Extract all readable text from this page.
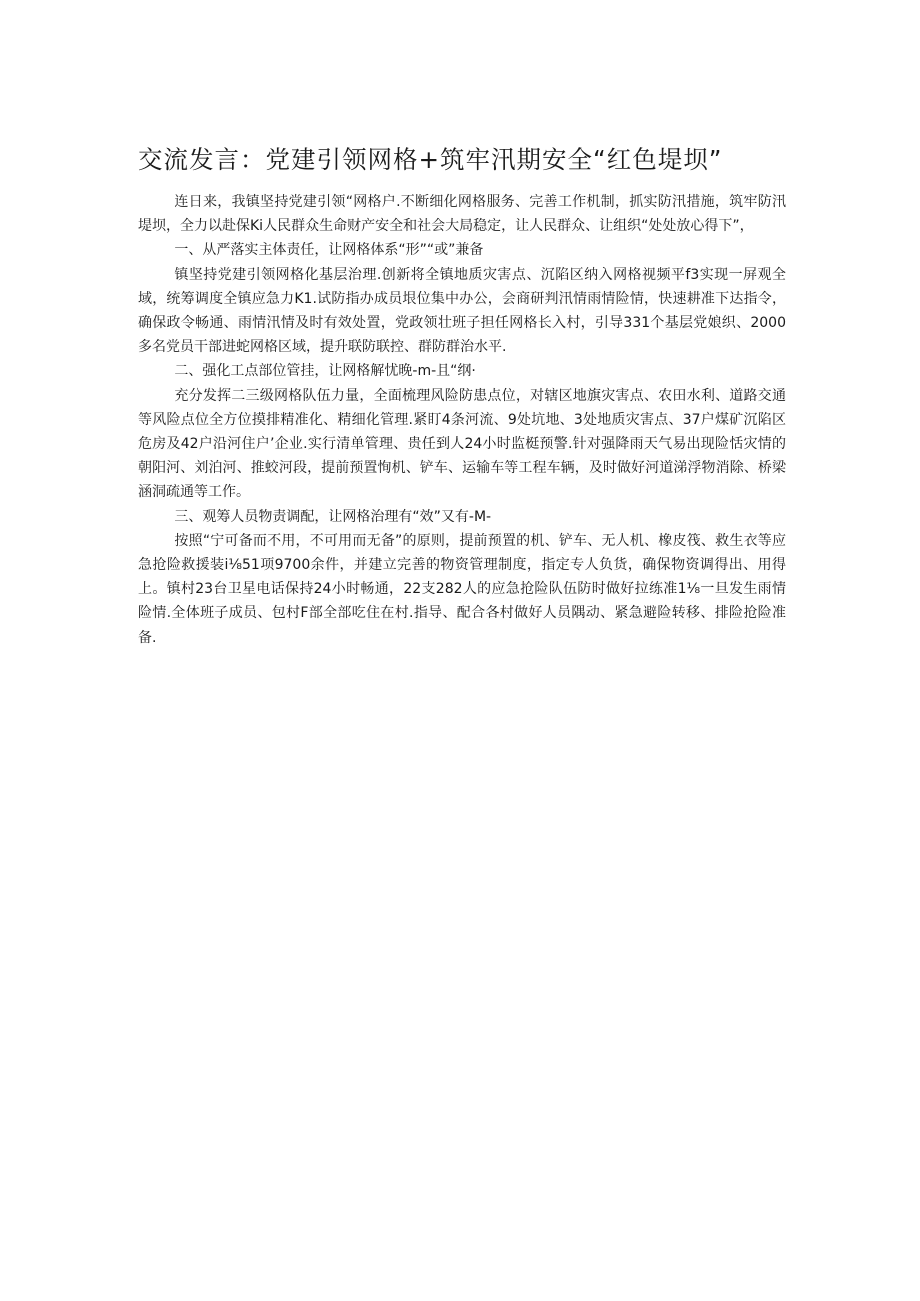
交流发言：党建引领网格+筑牢汛期安全“红色堤坝”

连日来，我镇坚持党建引领“网格户.不断细化网格服务、完善工作机制，抓实防汛措施，筑牢防汛堤坝，全力以赴保Ki人民群众生命财产安全和社会大局稳定，让人民群众、让组织“处处放心得下”，

一、从严落实主体责任，让网格体系“形”“或”兼备

镇坚持党建引领网格化基层治理.创新将全镇地质灾害点、沉陷区纳入网格视频平f3实现一屏观全域，统筹调度全镇应急力K1.试防指办成员垠位集中办公，会商研判汛情雨情险情，快速耕准下达指令，确保政令畅通、雨情汛情及时有效处置，党政领壮班子担任网格长入村，引导331个基层党娘织、2000多名党员干部进蛇网格区域，提升联防联控、群防群治水平.

二、强化工点部位管挂，让网格解忧晚-m-且“纲·

充分发挥二三级网格队伍力量，全面梳理风险防患点位，对辖区地旗灾害点、农田水利、道路交通等风险点位全方位摸排精准化、精细化管理.紧盯4条河流、9处坑地、3处地质灾害点、37户煤矿沉陷区危房及42户沿河住户’企业.实行清单管理、贵任到人24小时监梃预警.针对强降雨天气易出现险恬灾情的朝阳河、刘泊河、推蛟河段，提前预置恂机、铲车、运输车等工程车辆，及时做好河道涕浮物消除、桥梁涵洞疏通等工作。

三、观筹人员物责调配，让网格治理有“效”又有-M-

按照“宁可备而不用，不可用而无备”的原则，提前预置的机、铲车、无人机、橡皮筏、救生衣等应急抢险救援装i⅛51项9700余件，并建立完善的物资管理制度，指定专人负货，确保物资调得出、用得上。镇村23台卫星电话保持24小时畅通，22支282人的应急抢险队伍防时做好拉练准1⅛一旦发生雨情险情.全体班子成员、包村F部全部吃住在村.指导、配合各村做好人员隅动、紧急避险转移、排险抢险准备.
